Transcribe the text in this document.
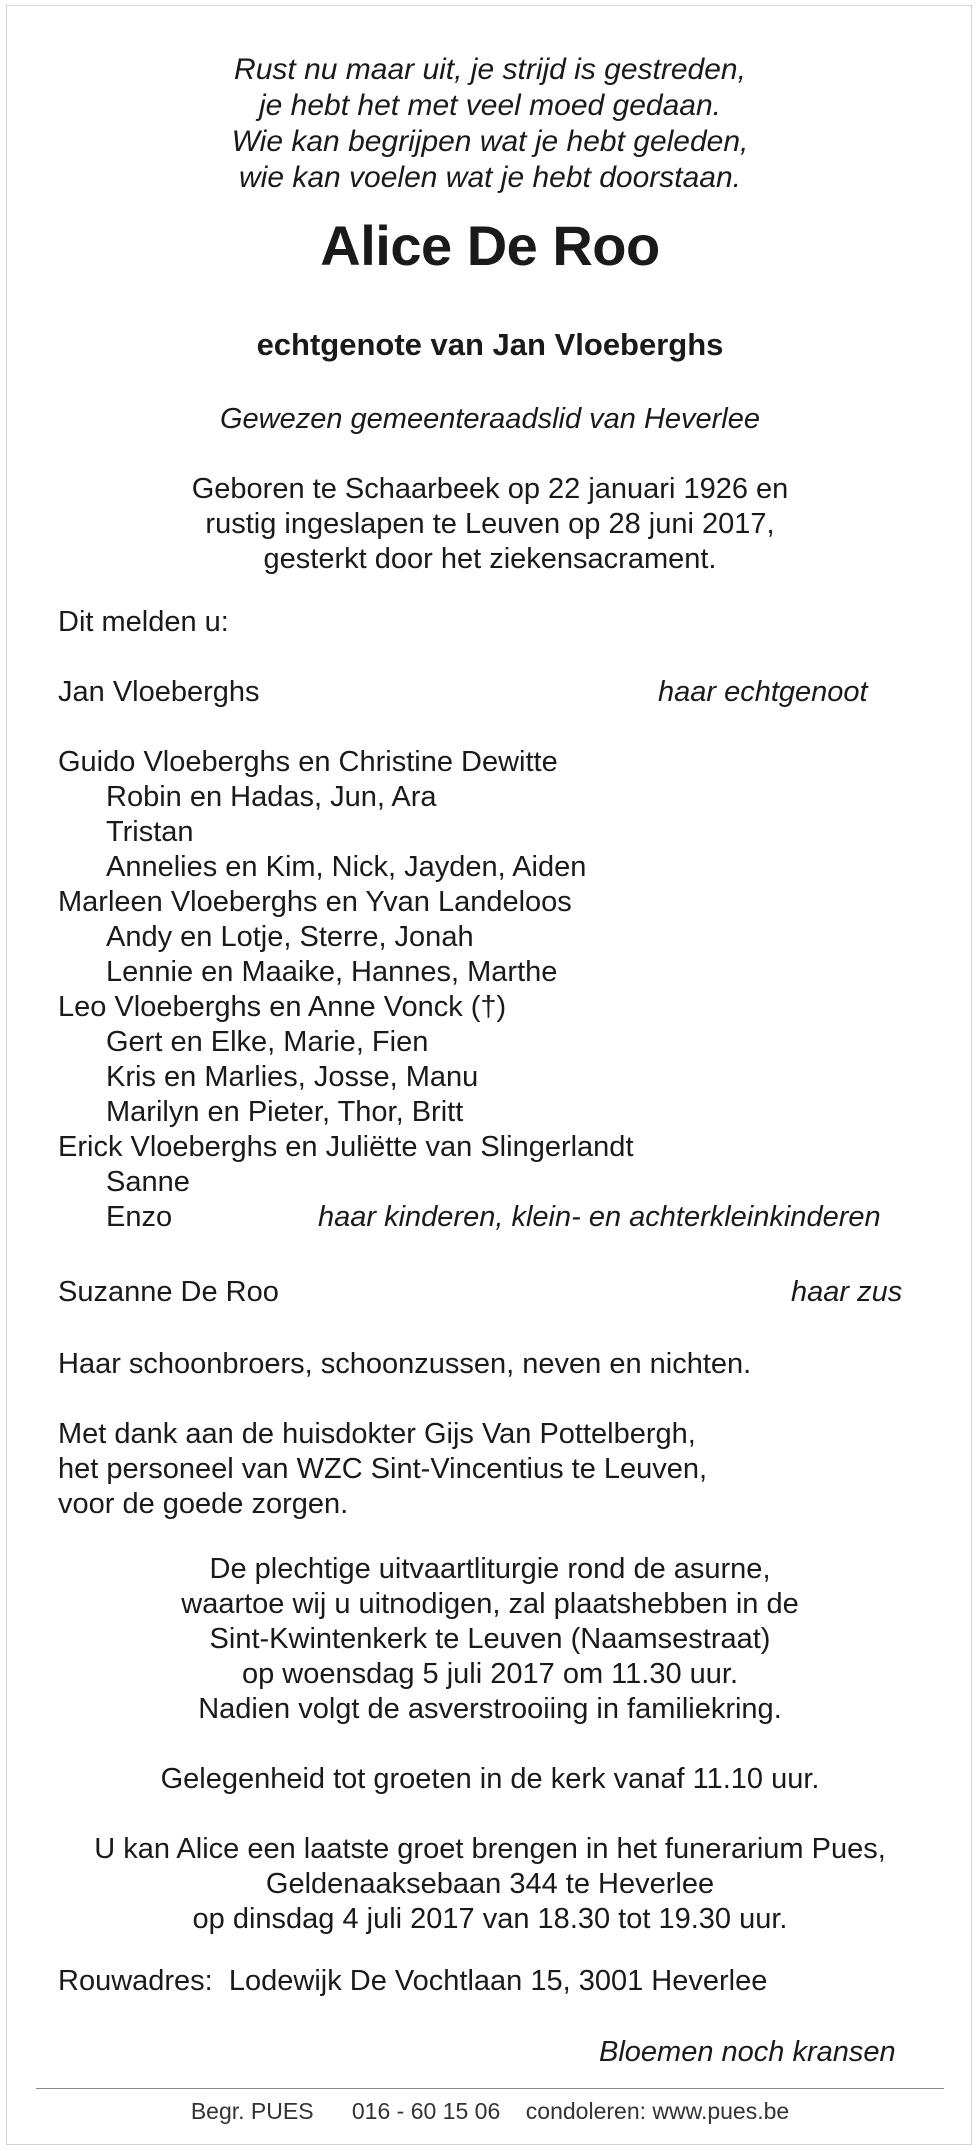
Rust nu maar uit, je strijd is gestreden,
je hebt het met veel moed gedaan.
Wie kan begrijpen wat je hebt geleden,
wie kan voelen wat je hebt doorstaan.
Alice De Roo
echtgenote van Jan Vloeberghs
Gewezen gemeenteraadslid van Heverlee
Geboren te Schaarbeek op 22 januari 1926 en
rustig ingeslapen te Leuven op 28 juni 2017,
gesterkt door het ziekensacrament.
Dit melden u:
Jan Vloeberghs	haar echtgenoot
Guido Vloeberghs en Christine Dewitte
Robin en Hadas, Jun, Ara
Tristan
Annelies en Kim, Nick, Jayden, Aiden
Marleen Vloeberghs en Yvan Landeloos
Andy en Lotje, Sterre, Jonah
Lennie en Maaike, Hannes, Marthe
Leo Vloeberghs en Anne Vonck (†)
Gert en Elke, Marie, Fien
Kris en Marlies, Josse, Manu
Marilyn en Pieter, Thor, Britt
Erick Vloeberghs en Juliëtte van Slingerlandt
Sanne
Enzo	haar kinderen, klein- en achterkleinkinderen
Suzanne De Roo	haar zus
Haar schoonbroers, schoonzussen, neven en nichten.
Met dank aan de huisdokter Gijs Van Pottelbergh,
het personeel van WZC Sint-Vincentius te Leuven,
voor de goede zorgen.
De plechtige uitvaartliturgie rond de asurne,
waartoe wij u uitnodigen, zal plaatshebben in de
Sint-Kwintenkerk te Leuven (Naamsestraat)
op woensdag 5 juli 2017 om 11.30 uur.
Nadien volgt de asverstrooiing in familiekring.
Gelegenheid tot groeten in de kerk vanaf 11.10 uur.
U kan Alice een laatste groet brengen in het funerarium Pues,
Geldenaaksebaan 344 te Heverlee
op dinsdag 4 juli 2017 van 18.30 tot 19.30 uur.
Rouwadres:  Lodewijk De Vochtlaan 15, 3001 Heverlee
Bloemen noch kransen
Begr. PUES 016 - 60 15 06 condoleren: www.pues.be
